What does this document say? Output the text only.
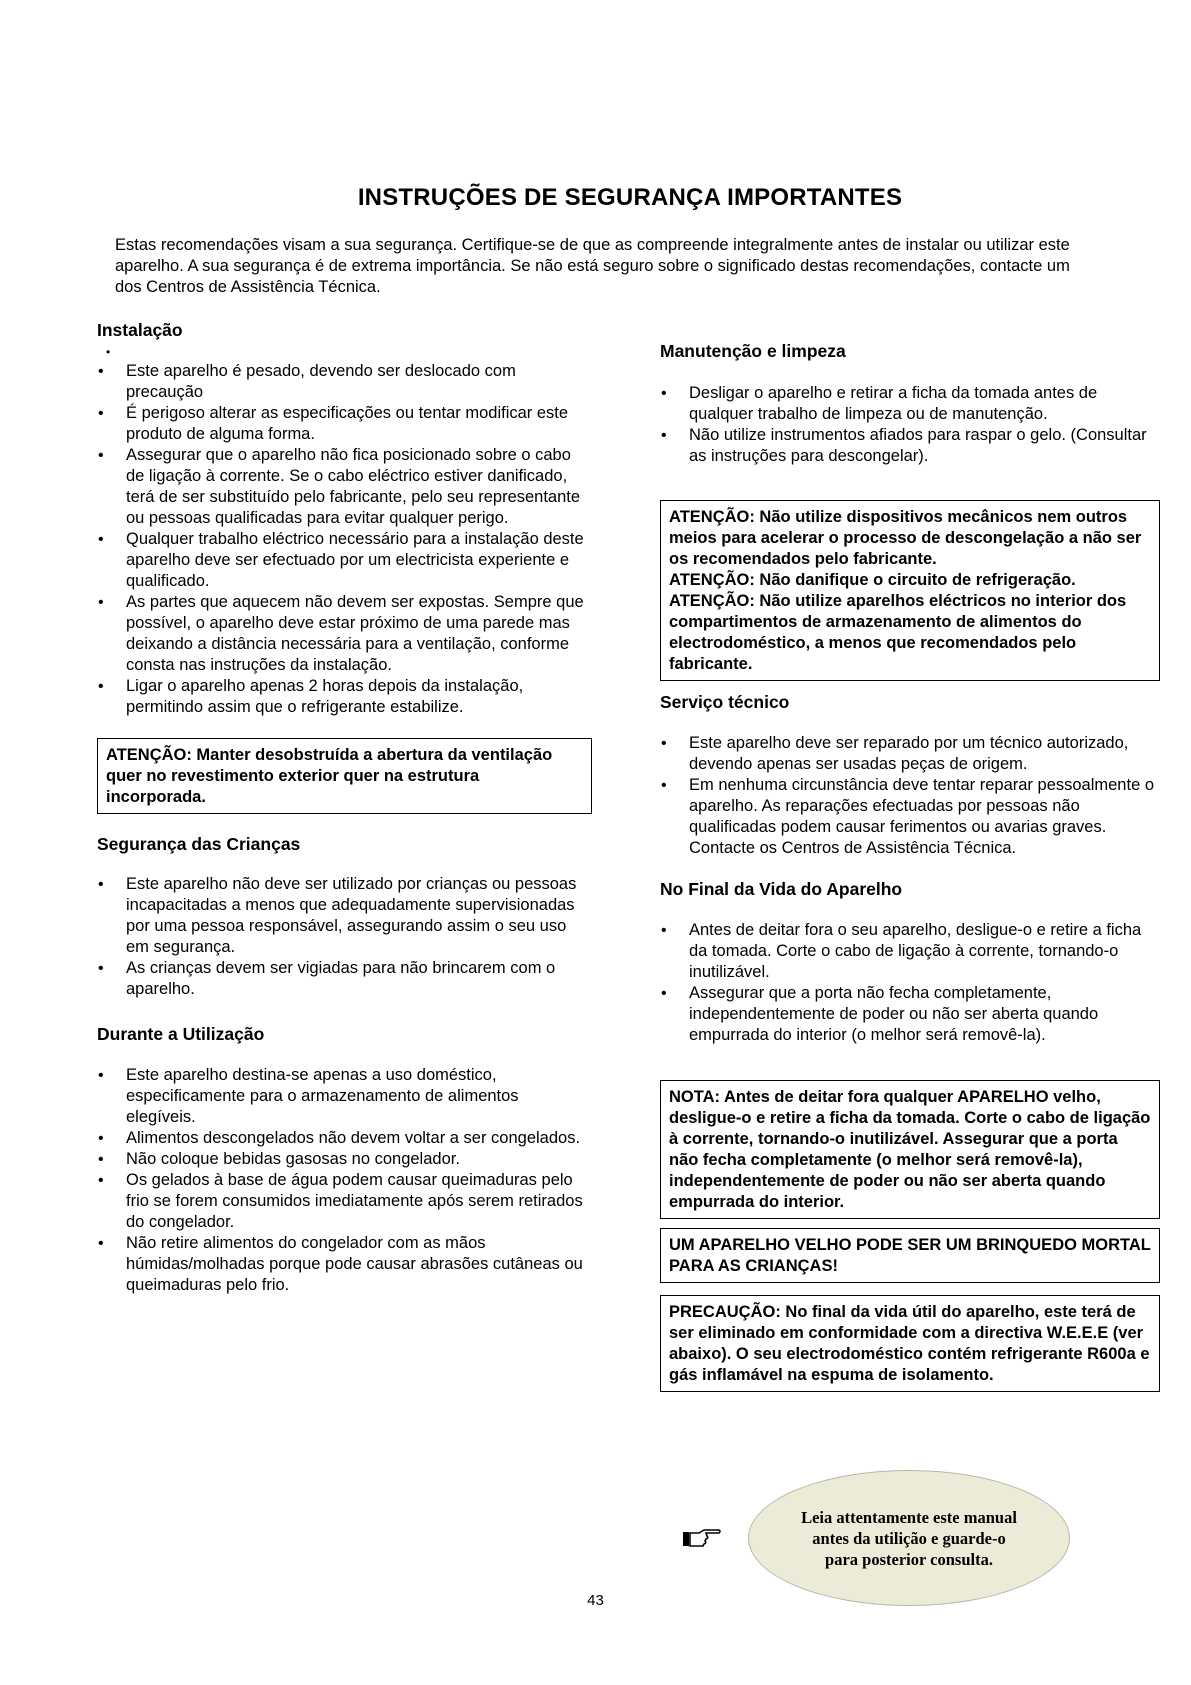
INSTRUÇÕES DE SEGURANÇA IMPORTANTES
Estas recomendações visam a sua segurança. Certifique-se de que as compreende integralmente antes de instalar ou utilizar este aparelho. A sua segurança é de extrema importância. Se não está seguro sobre o significado destas recomendações, contacte um dos Centros de Assistência Técnica.
Instalação
•
• Este aparelho é pesado, devendo ser deslocado com precaução
• É perigoso alterar as especificações ou tentar modificar este produto de alguma forma.
• Assegurar que o aparelho não fica posicionado sobre o cabo de ligação à corrente. Se o cabo eléctrico estiver danificado, terá de ser substituído pelo fabricante, pelo seu representante ou pessoas qualificadas para evitar qualquer perigo.
• Qualquer trabalho eléctrico necessário para a instalação deste aparelho deve ser efectuado por um electricista experiente e qualificado.
• As partes que aquecem não devem ser expostas. Sempre que possível, o aparelho deve estar próximo de uma parede mas deixando a distância necessária para a ventilação, conforme consta nas instruções da instalação.
• Ligar o aparelho apenas 2 horas depois da instalação, permitindo assim que o refrigerante estabilize.
ATENÇÃO: Manter desobstruída a abertura da ventilação quer no revestimento exterior quer na estrutura incorporada.
Segurança das Crianças
• Este aparelho não deve ser utilizado por crianças ou pessoas incapacitadas a menos que adequadamente supervisionadas por uma pessoa responsável, assegurando assim o seu uso em segurança.
• As crianças devem ser vigiadas para não brincarem com o aparelho.
Durante a Utilização
• Este aparelho destina-se apenas a uso doméstico, especificamente para o armazenamento de alimentos elegíveis.
• Alimentos descongelados não devem voltar a ser congelados.
• Não coloque bebidas gasosas no congelador.
• Os gelados à base de água podem causar queimaduras pelo frio se forem consumidos imediatamente após serem retirados do congelador.
• Não retire alimentos do congelador com as mãos húmidas/molhadas porque pode causar abrasões cutâneas ou queimaduras pelo frio.
Manutenção e limpeza
• Desligar o aparelho e retirar a ficha da tomada antes de qualquer trabalho de limpeza ou de manutenção.
• Não utilize instrumentos afiados para raspar o gelo. (Consultar as instruções para descongelar).
ATENÇÃO: Não utilize dispositivos mecânicos nem outros meios para acelerar o processo de descongelação a não ser os recomendados pelo fabricante.
ATENÇÃO: Não danifique o circuito de refrigeração.
ATENÇÃO: Não utilize aparelhos eléctricos no interior dos compartimentos de armazenamento de alimentos do electrodoméstico, a menos que recomendados pelo fabricante.
Serviço técnico
• Este aparelho deve ser reparado por um técnico autorizado, devendo apenas ser usadas peças de origem.
• Em nenhuma circunstância deve tentar reparar pessoalmente o aparelho. As reparações efectuadas por pessoas não qualificadas podem causar ferimentos ou avarias graves. Contacte os Centros de Assistência Técnica.
No Final da Vida do Aparelho
• Antes de deitar fora o seu aparelho, desligue-o e retire a ficha da tomada. Corte o cabo de ligação à corrente, tornando-o inutilizável.
• Assegurar que a porta não fecha completamente, independentemente de poder ou não ser aberta quando empurrada do interior (o melhor será removê-la).
NOTA: Antes de deitar fora qualquer APARELHO velho, desligue-o e retire a ficha da tomada. Corte o cabo de ligação à corrente, tornando-o inutilizável. Assegurar que a porta não fecha completamente (o melhor será removê-la), independentemente de poder ou não ser aberta quando empurrada do interior.
UM APARELHO VELHO PODE SER UM BRINQUEDO MORTAL PARA AS CRIANÇAS!
PRECAUÇÃO: No final da vida útil do aparelho, este terá de ser eliminado em conformidade com a directiva W.E.E.E (ver abaixo). O seu electrodoméstico contém refrigerante R600a e gás inflamável na espuma de isolamento.
Leia attentamente este manual antes da utilição e guarde-o para posterior consulta.
43
